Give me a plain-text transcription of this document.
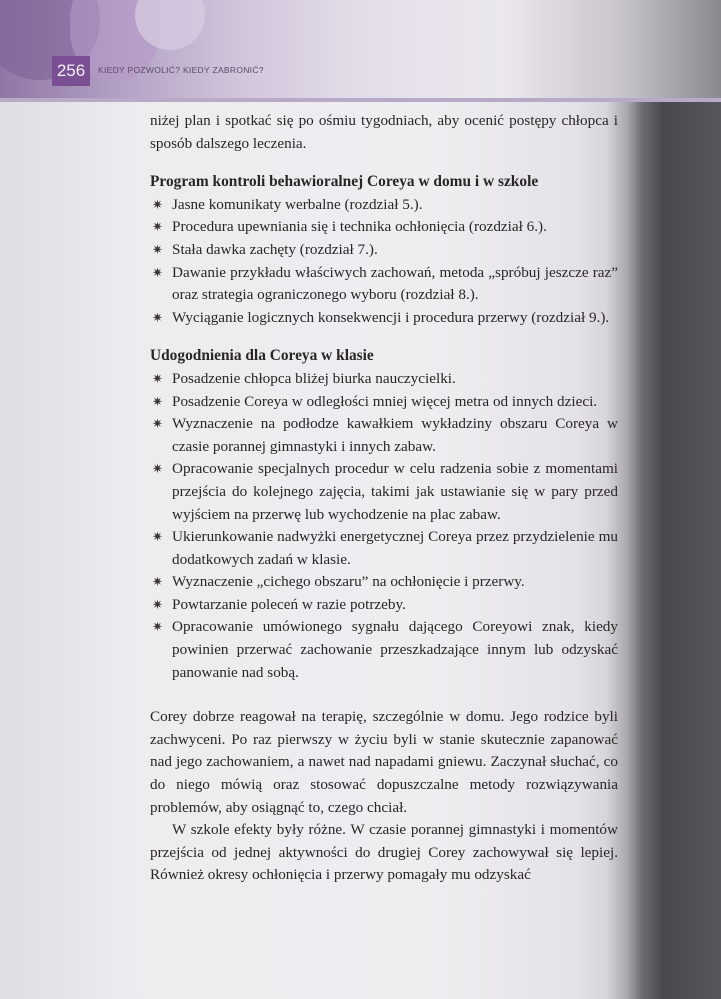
256	KIEDY POZWOLIĆ? KIEDY ZABRONIĆ?

niżej plan i spotkać się po ośmiu tygodniach, aby ocenić postępy chłopca i sposób dalszego leczenia.

Program kontroli behawioralnej Coreya w domu i w szkole
✷ Jasne komunikaty werbalne (rozdział 5.).
✷ Procedura upewniania się i technika ochłonięcia (rozdział 6.).
✷ Stała dawka zachęty (rozdział 7.).
✷ Dawanie przykładu właściwych zachowań, metoda „spróbuj jeszcze raz” oraz strategia ograniczonego wyboru (rozdział 8.).
✷ Wyciąganie logicznych konsekwencji i procedura przerwy (rozdział 9.).
Udogodnienia dla Coreya w klasie
✷ Posadzenie chłopca bliżej biurka nauczycielki.
✷ Posadzenie Coreya w odległości mniej więcej metra od innych dzieci.
✷ Wyznaczenie na podłodze kawałkiem wykładziny obszaru Coreya w czasie porannej gimnastyki i innych zabaw.
✷ Opracowanie specjalnych procedur w celu radzenia sobie z momentami przejścia do kolejnego zajęcia, takimi jak ustawianie się w pary przed wyjściem na przerwę lub wychodzenie na plac zabaw.
✷ Ukierunkowanie nadwyżki energetycznej Coreya przez przydzielenie mu dodatkowych zadań w klasie.
✷ Wyznaczenie „cichego obszaru” na ochłonięcie i przerwy.
✷ Powtarzanie poleceń w razie potrzeby.
✷ Opracowanie umówionego sygnału dającego Coreyowi znak, kiedy powinien przerwać zachowanie przeszkadzające innym lub odzyskać panowanie nad sobą.

Corey dobrze reagował na terapię, szczególnie w domu. Jego rodzice byli zachwyceni. Po raz pierwszy w życiu byli w stanie skutecznie zapanować nad jego zachowaniem, a nawet nad napadami gniewu. Zaczynał słuchać, co do niego mówią oraz stosować dopuszczalne metody rozwiązywania problemów, aby osiągnąć to, czego chciał.

W szkole efekty były różne. W czasie porannej gimnastyki i momentów przejścia od jednej aktywności do drugiej Corey zachowywał się lepiej. Również okresy ochłonięcia i przerwy pomagały mu odzyskać
